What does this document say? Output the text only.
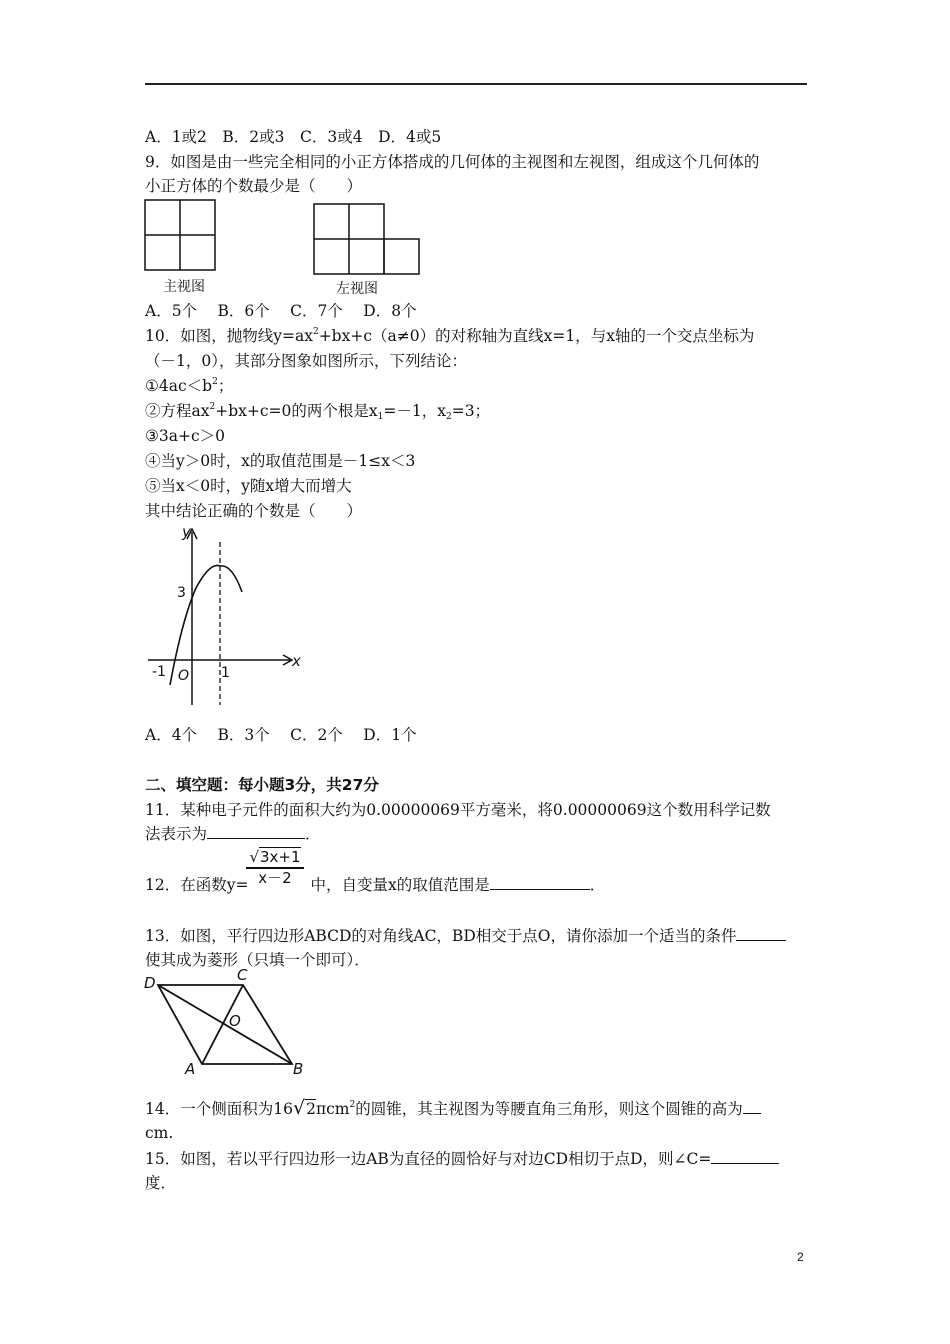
A．1或2　B．2或3　C．3或4　D．4或5
9．如图是由一些完全相同的小正方体搭成的几何体的主视图和左视图，组成这个几何体的
小正方体的个数最少是（　　）
主视图	左视图
A．5个　 B．6个　 C．7个　 D．8个
10．如图，抛物线$y=ax^2+bx+c(a\ne 0)$的对称轴为直线x=1，与x轴的一个交点坐标为
（－1，0），其部分图象如图所示，下列结论：
$①4ac<b^2$；
②方程$ax^2+bx+c=0$的两个根是$x_1=-1$，$x_2=3$；
③3a+c＞0
④当y＞0时，x的取值范围是－1≤x＜3
⑤当x＜0时，y随x增大而增大
其中结论正确的个数是（　　）
y
x
3
-1 O 1
A．4个　 B．3个　 C．2个　 D．1个
二、填空题：每小题3分，共27分
11．某种电子元件的面积大约为0.00000069平方毫米，将0.00000069这个数用科学记数
法表示为	．
$\frac{√3x+1}{x-2}$
12．在函数y=	中，自变量x的取值范围是	．
13．如图，平行四边形ABCD的对角线AC，BD相交于点O，请你添加一个适当的条件
使其成为菱形（只填一个即可）．
D	C
O
A	B
14．一个侧面积为16√2πcm$^2$的圆锥，其主视图为等腰直角三角形，则这个圆锥的高为
cm.
15．如图，若以平行四边形一边AB为直径的圆恰好与对边CD相切于点D，则∠C=
度．
2
